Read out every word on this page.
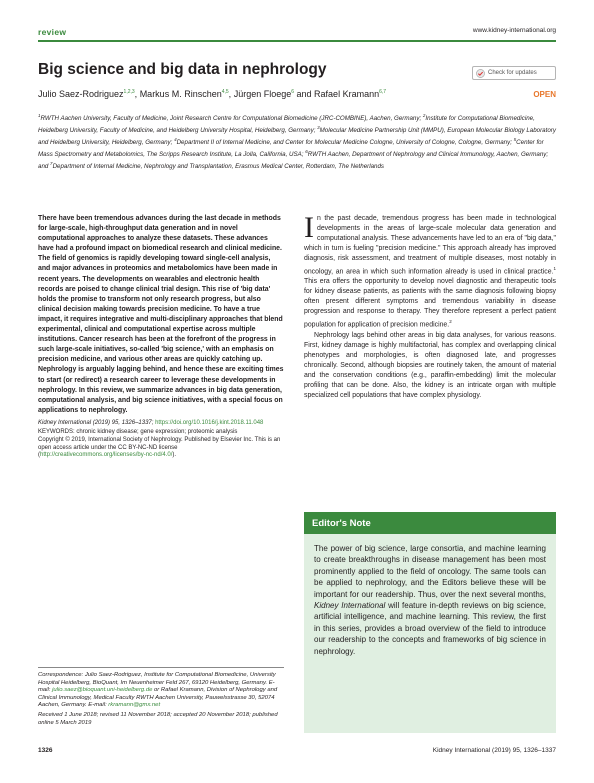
review	www.kidney-international.org
Big science and big data in nephrology	Check for updates
Julio Saez-Rodriguez$^{1,2,3}$, Markus M. Rinschen$^{4,5}$, Jürgen Floege$^6$ and Rafael Kramann$^{6,7}$	OPEN
$^1$RWTH Aachen University, Faculty of Medicine, Joint Research Centre for Computational Biomedicine (JRC-COMBINE), Aachen, Germany; $^2$Institute for Computational Biomedicine, Heidelberg University, Faculty of Medicine, and Heidelberg University Hospital, Heidelberg, Germany; $^3$Molecular Medicine Partnership Unit (MMPU), European Molecular Biology Laboratory and Heidelberg University, Heidelberg, Germany; $^4$Department II of Internal Medicine, and Center for Molecular Medicine Cologne, University of Cologne, Cologne, Germany; $^5$Center for Mass Spectrometry and Metabolomics, The Scripps Research Institute, La Jolla, California, USA; $^6$RWTH Aachen, Department of Nephrology and Clinical Immunology, Aachen, Germany; and $^7$Department of Internal Medicine, Nephrology and Transplantation, Erasmus Medical Center, Rotterdam, The Netherlands

There have been tremendous advances during the last decade in methods for large-scale, high-throughput data generation and in novel computational approaches to analyze these datasets. These advances have had a profound impact on biomedical research and clinical medicine. The field of genomics is rapidly developing toward single-cell analysis, and major advances in proteomics and metabolomics have been made in recent years. The developments on wearables and electronic health records are poised to change clinical trial design. This rise of 'big data' holds the promise to transform not only research progress, but also clinical decision making towards precision medicine. To have a true impact, it requires integrative and multi-disciplinary approaches that blend experimental, clinical and computational expertise across multiple institutions. Cancer research has been at the forefront of the progress in such large-scale initiatives, so-called 'big science,' with an emphasis on precision medicine, and various other areas are quickly catching up. Nephrology is arguably lagging behind, and hence these are exciting times to start (or redirect) a research career to leverage these developments in nephrology. In this review, we summarize advances in big data generation, computational analysis, and big science initiatives, with a special focus on applications to nephrology.

Kidney International (2019) 95, 1326–1337; https://doi.org/10.1016/j.kint.2018.11.048

KEYWORDS: chronic kidney disease; gene expression; proteomic analysis

Copyright © 2019, International Society of Nephrology. Published by Elsevier Inc. This is an open access article under the CC BY-NC-ND license (http://creativecommons.org/licenses/by-nc-nd/4.0/).

Correspondence: Julio Saez-Rodriguez, Institute for Computational Biomedicine, University Hospital Heidelberg, BioQuant, Im Neuenheimer Feld 267, 69120 Heidelberg, Germany. E-mail: julio.saez@bioquant.uni-heidelberg.de or Rafael Kramann, Division of Nephrology and Clinical Immunology, Medical Faculty RWTH Aachen University, Pauwelsstrasse 30, 52074 Aachen, Germany. E-mail: rkramann@gmx.net

Received 1 June 2018; revised 11 November 2018; accepted 20 November 2018; published online 5 March 2019

In the past decade, tremendous progress has been made in technological developments in the areas of large-scale molecular data generation and computational analysis. These advancements have led to an era of "big data," which in turn is fueling "precision medicine." This approach already has improved diagnosis, risk assessment, and treatment of multiple diseases, most notably in oncology, an area in which such information already is used in clinical practice.$^1$ This era offers the opportunity to develop novel diagnostic and therapeutic tools for kidney disease patients, as patients with the same diagnosis following biopsy often present different symptoms and tremendous variability in disease progression and response to therapy. They therefore represent a perfect patient population for application of precision medicine.$^2$

Nephrology lags behind other areas in big data analyses, for various reasons. First, kidney damage is highly multifactorial, has complex and overlapping clinical phenotypes and morphologies, is often diagnosed late, and progresses chronically. Second, although biopsies are routinely taken, the amount of material and the conservation conditions (e.g., paraffin-embedding) limit the molecular profiling that can be done. Also, the kidney is an intricate organ with multiple specialized cell populations that have complex physiology.

Editor's Note

The power of big science, large consortia, and machine learning to create breakthroughs in disease management has been most prominently applied to the field of oncology. The same tools can be applied to nephrology, and the Editors believe these will be important for our readership. Thus, over the next several months, Kidney International will feature in-depth reviews on big science, artificial intelligence, and machine learning. This review, the first in this series, provides a broad overview of the field to introduce our readership to the concepts and frameworks of big science in nephrology.

1326	Kidney International (2019) 95, 1326–1337
